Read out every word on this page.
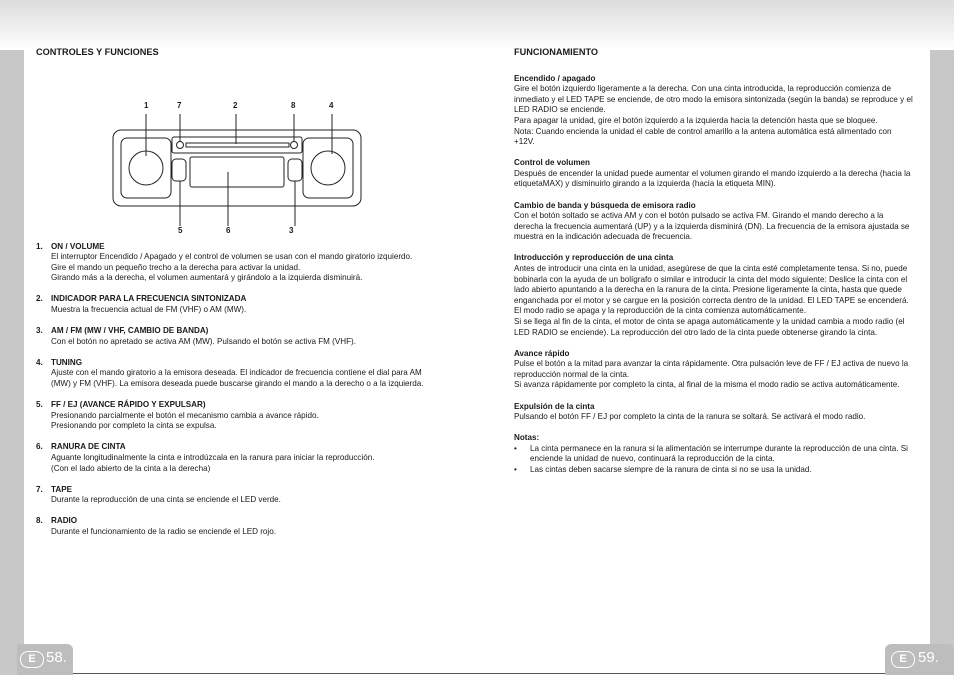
CONTROLES Y FUNCIONES
1	7	2	8	4
5	6	3
1.	ON / VOLUME
El interruptor Encendido / Apagado y el control de volumen se usan con el mando giratorio izquierdo.
Gire el mando un pequeño trecho a la derecha para activar la unidad.
Girando más a la derecha, el volumen aumentará y girándolo a la izquierda disminuirá.
2.	INDICADOR PARA LA FRECUENCIA SINTONIZADA
Muestra la frecuencia actual de FM (VHF) o AM (MW).
3.	AM / FM (MW / VHF, CAMBIO DE BANDA)
Con el botón no apretado se activa AM (MW). Pulsando el botón se activa FM (VHF).
4.	TUNING
Ajuste con el mando giratorio a la emisora deseada. El indicador de frecuencia contiene el dial para AM (MW) y FM (VHF). La emisora deseada puede buscarse girando el mando a la derecho o a la izquierda.
5.	FF / EJ (AVANCE RÁPIDO Y EXPULSAR)
Presionando parcialmente el botón el mecanismo cambia a avance rápido.
Presionando por completo la cinta se expulsa.
6.	RANURA DE CINTA
Aguante longitudinalmente la cinta e introdúzcala en la ranura para iniciar la reproducción.
(Con el lado abierto de la cinta a la derecha)
7.	TAPE
Durante la reproducción de una cinta se enciende el LED verde.
8.	RADIO
Durante el funcionamiento de la radio se enciende el LED rojo.
FUNCIONAMIENTO
Encendido / apagado
Gire el botón izquierdo ligeramente a la derecha. Con una cinta introducida, la reproducción comienza de inmediato y el LED TAPE se enciende, de otro modo la emisora sintonizada (según la banda) se reproduce y el LED RADIO se enciende.
Para apagar la unidad, gire el botón izquierdo a la izquierda hacia la detención hasta que se bloquee.
Nota: Cuando encienda la unidad el cable de control amarillo a la antena automática está alimentado con +12V.
Control de volumen
Después de encender la unidad puede aumentar el volumen girando el mando izquierdo a la derecha (hacia la etiquetaMAX) y disminuirlo girando a la izquierda (hacia la etiqueta MIN).
Cambio de banda y búsqueda de emisora radio
Con el botón soltado se activa AM y con el botón pulsado se activa FM. Girando el mando derecho a la derecha la frecuencia aumentará (UP) y a la izquierda disminirá (DN). La frecuencia de la emisora ajustada se muestra en la indicación adecuada de frecuencia.
Introducción y reproducción de una cinta
Antes de introducir una cinta en la unidad, asegúrese de que la cinta esté completamente tensa. Si no, puede bobinarla con la ayuda de un bolígrafo o similar e introducir la cinta del modo siguiente: Deslice la cinta con el lado abierto apuntando a la derecha en la ranura de la cinta. Presione ligeramente la cinta, hasta que quede enganchada por el motor y se cargue en la posición correcta dentro de la unidad. El LED TAPE se encenderá. El modo radio se apaga y la reproducción de la cinta comienza automáticamente.
Si se llega al fin de la cinta, el motor de cinta se apaga automáticamente y la unidad cambia a modo radio (el LED RADIO se enciende). La reproducción del otro lado de la cinta puede obtenerse girando la cinta.
Avance rápido
Pulse el botón a la mitad para avanzar la cinta rápidamente. Otra pulsación leve de FF / EJ activa de nuevo la reproducción normal de la cinta.
Si avanza rápidamente por completo la cinta, al final de la misma el modo radio se activa automáticamente.
Expulsión de la cinta
Pulsando el botón FF / EJ por completo la cinta de la ranura se soltará. Se activará el modo radio.
Notas:
•	La cinta permanece en la ranura si la alimentación se interrumpe durante la reproducción de una cinta. Si enciende la unidad de nuevo, continuará la reproducción de la cinta.
•	Las cintas deben sacarse siempre de la ranura de cinta si no se usa la unidad.
E 58.	E 59.
